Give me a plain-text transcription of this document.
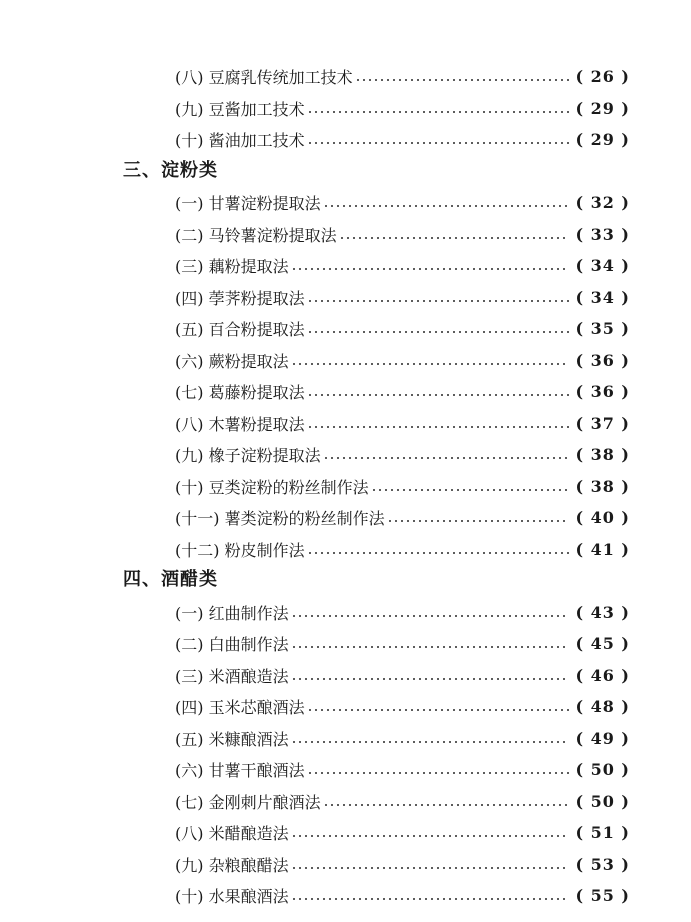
(八) 豆腐乳传统加工技术	( 26 )
(九) 豆酱加工技术	( 29 )
(十) 酱油加工技术	( 29 )
三、淀粉类
(一) 甘薯淀粉提取法	( 32 )
(二) 马铃薯淀粉提取法	( 33 )
(三) 藕粉提取法	( 34 )
(四) 荸荠粉提取法	( 34 )
(五) 百合粉提取法	( 35 )
(六) 蕨粉提取法	( 36 )
(七) 葛藤粉提取法	( 36 )
(八) 木薯粉提取法	( 37 )
(九) 橡子淀粉提取法	( 38 )
(十) 豆类淀粉的粉丝制作法	( 38 )
(十一) 薯类淀粉的粉丝制作法	( 40 )
(十二) 粉皮制作法	( 41 )
四、酒醋类
(一) 红曲制作法	( 43 )
(二) 白曲制作法	( 45 )
(三) 米酒酿造法	( 46 )
(四) 玉米芯酿酒法	( 48 )
(五) 米糠酿酒法	( 49 )
(六) 甘薯干酿酒法	( 50 )
(七) 金刚刺片酿酒法	( 50 )
(八) 米醋酿造法	( 51 )
(九) 杂粮酿醋法	( 53 )
(十) 水果酿酒法	( 55 )
